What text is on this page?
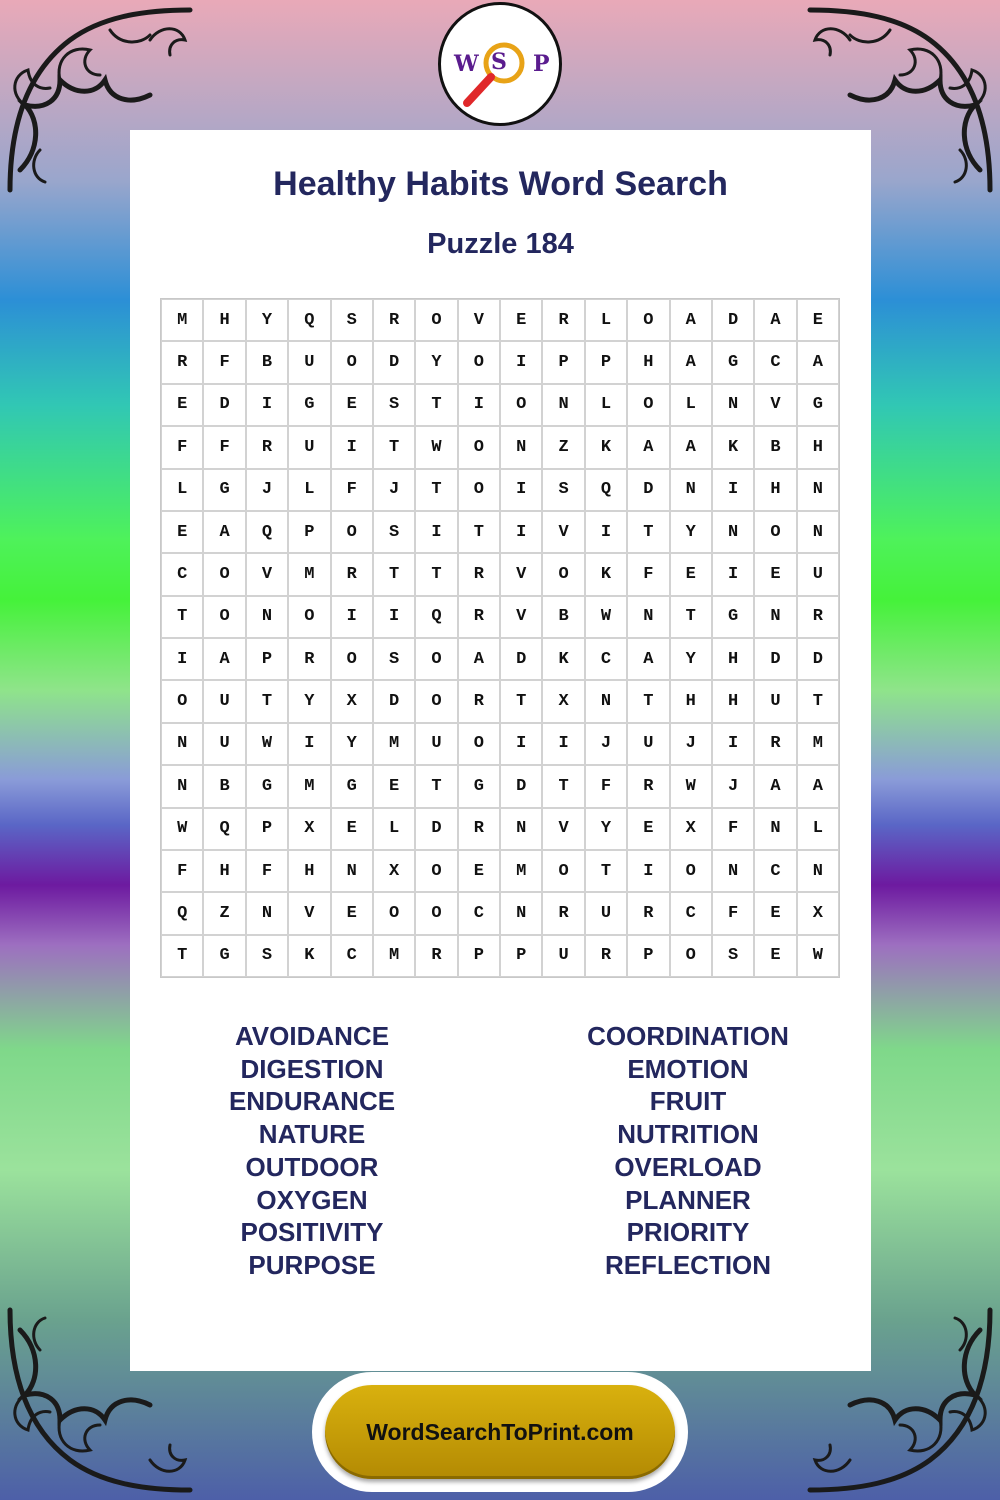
W S P
Healthy Habits Word Search
Puzzle 184
M	H	Y	Q	S	R	O	V	E	R	L	O	A	D	A	E
R	F	B	U	O	D	Y	O	I	P	P	H	A	G	C	A
E	D	I	G	E	S	T	I	O	N	L	O	L	N	V	G
F	F	R	U	I	T	W	O	N	Z	K	A	A	K	B	H
L	G	J	L	F	J	T	O	I	S	Q	D	N	I	H	N
E	A	Q	P	O	S	I	T	I	V	I	T	Y	N	O	N
C	O	V	M	R	T	T	R	V	O	K	F	E	I	E	U
T	O	N	O	I	I	Q	R	V	B	W	N	T	G	N	R
I	A	P	R	O	S	O	A	D	K	C	A	Y	H	D	D
O	U	T	Y	X	D	O	R	T	X	N	T	H	H	U	T
N	U	W	I	Y	M	U	O	I	I	J	U	J	I	R	M
N	B	G	M	G	E	T	G	D	T	F	R	W	J	A	A
W	Q	P	X	E	L	D	R	N	V	Y	E	X	F	N	L
F	H	F	H	N	X	O	E	M	O	T	I	O	N	C	N
Q	Z	N	V	E	O	O	C	N	R	U	R	C	F	E	X
T	G	S	K	C	M	R	P	P	U	R	P	O	S	E	W
AVOIDANCE
DIGESTION
ENDURANCE
NATURE
OUTDOOR
OXYGEN
POSITIVITY
PURPOSE
COORDINATION
EMOTION
FRUIT
NUTRITION
OVERLOAD
PLANNER
PRIORITY
REFLECTION
WordSearchToPrint.com
